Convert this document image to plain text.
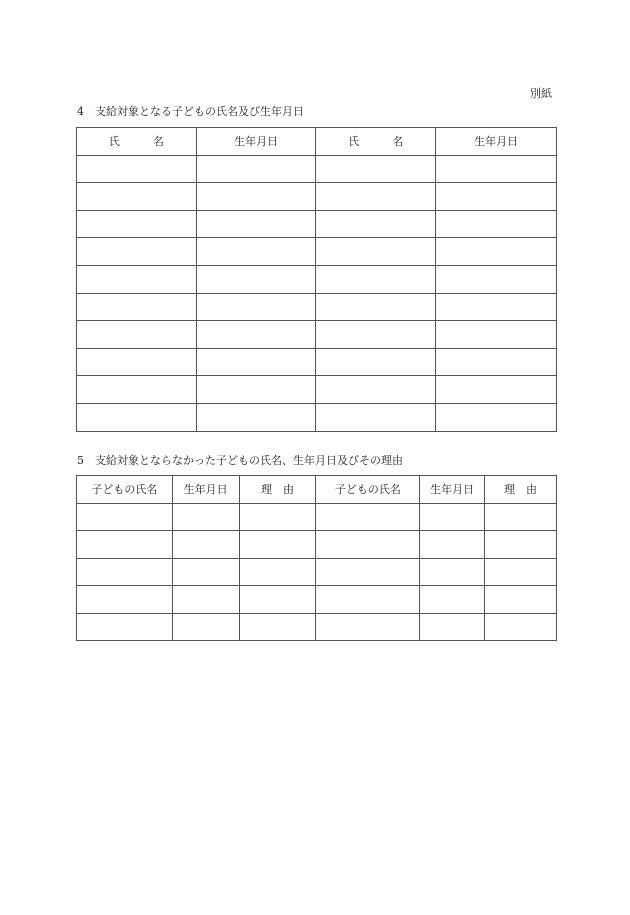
別紙
4　支給対象となる子どもの氏名及び生年月日
氏　　　名	生年月日	氏　　　名	生年月日

5　支給対象とならなかった子どもの氏名、生年月日及びその理由
子どもの氏名	生年月日	理　由	子どもの氏名	生年月日	理　由
